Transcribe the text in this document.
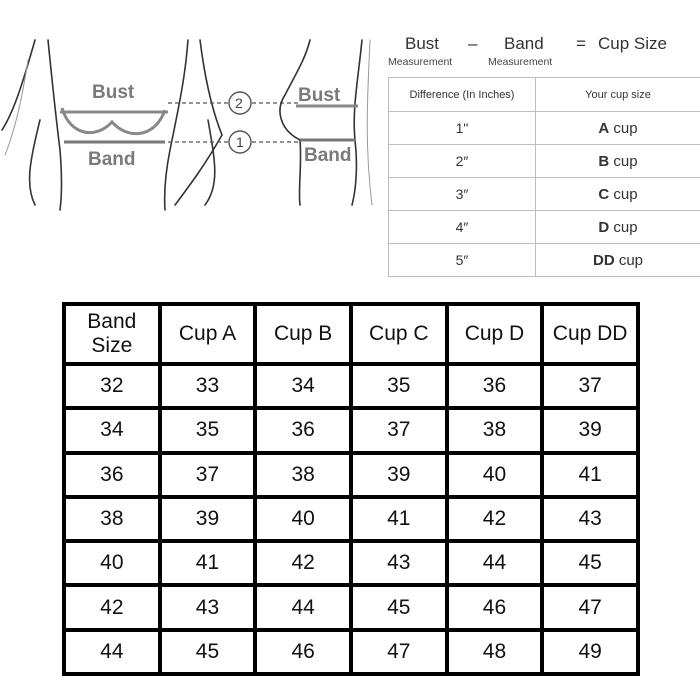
Bust
Band
2
1
Bust
Band
Bust
Measurement
–	Band
Measurement
= Cup Size
Difference (In Inches)	Your cup size
1"	A cup
2″	B cup
3″	C cup
4″	D cup
5″	DD cup
Band Size	Cup A	Cup B	Cup C	Cup D	Cup DD
32	33	34	35	36	37
34	35	36	37	38	39
36	37	38	39	40	41
38	39	40	41	42	43
40	41	42	43	44	45
42	43	44	45	46	47
44	45	46	47	48	49
